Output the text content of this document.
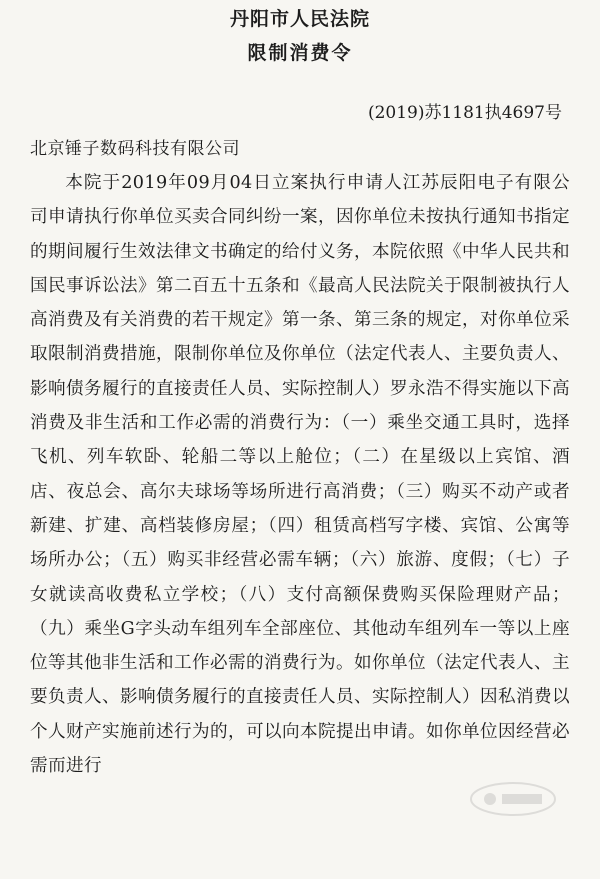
丹阳市人民法院
限制消费令
(2019)苏1181执4697号
北京锤子数码科技有限公司

本院于2019年09月04日立案执行申请人江苏辰阳电子有限公司申请执行你单位买卖合同纠纷一案，因你单位未按执行通知书指定的期间履行生效法律文书确定的给付义务，本院依照《中华人民共和国民事诉讼法》第二百五十五条和《最高人民法院关于限制被执行人高消费及有关消费的若干规定》第一条、第三条的规定，对你单位采取限制消费措施，限制你单位及你单位（法定代表人、主要负责人、影响债务履行的直接责任人员、实际控制人）罗永浩不得实施以下高消费及非生活和工作必需的消费行为：（一）乘坐交通工具时，选择飞机、列车软卧、轮船二等以上舱位；（二）在星级以上宾馆、酒店、夜总会、高尔夫球场等场所进行高消费；（三）购买不动产或者新建、扩建、高档装修房屋；（四）租赁高档写字楼、宾馆、公寓等场所办公；（五）购买非经营必需车辆；（六）旅游、度假；（七）子女就读高收费私立学校；（八）支付高额保费购买保险理财产品；（九）乘坐G字头动车组列车全部座位、其他动车组列车一等以上座位等其他非生活和工作必需的消费行为。如你单位（法定代表人、主要负责人、影响债务履行的直接责任人员、实际控制人）因私消费以个人财产实施前述行为的，可以向本院提出申请。如你单位因经营必需而进行
